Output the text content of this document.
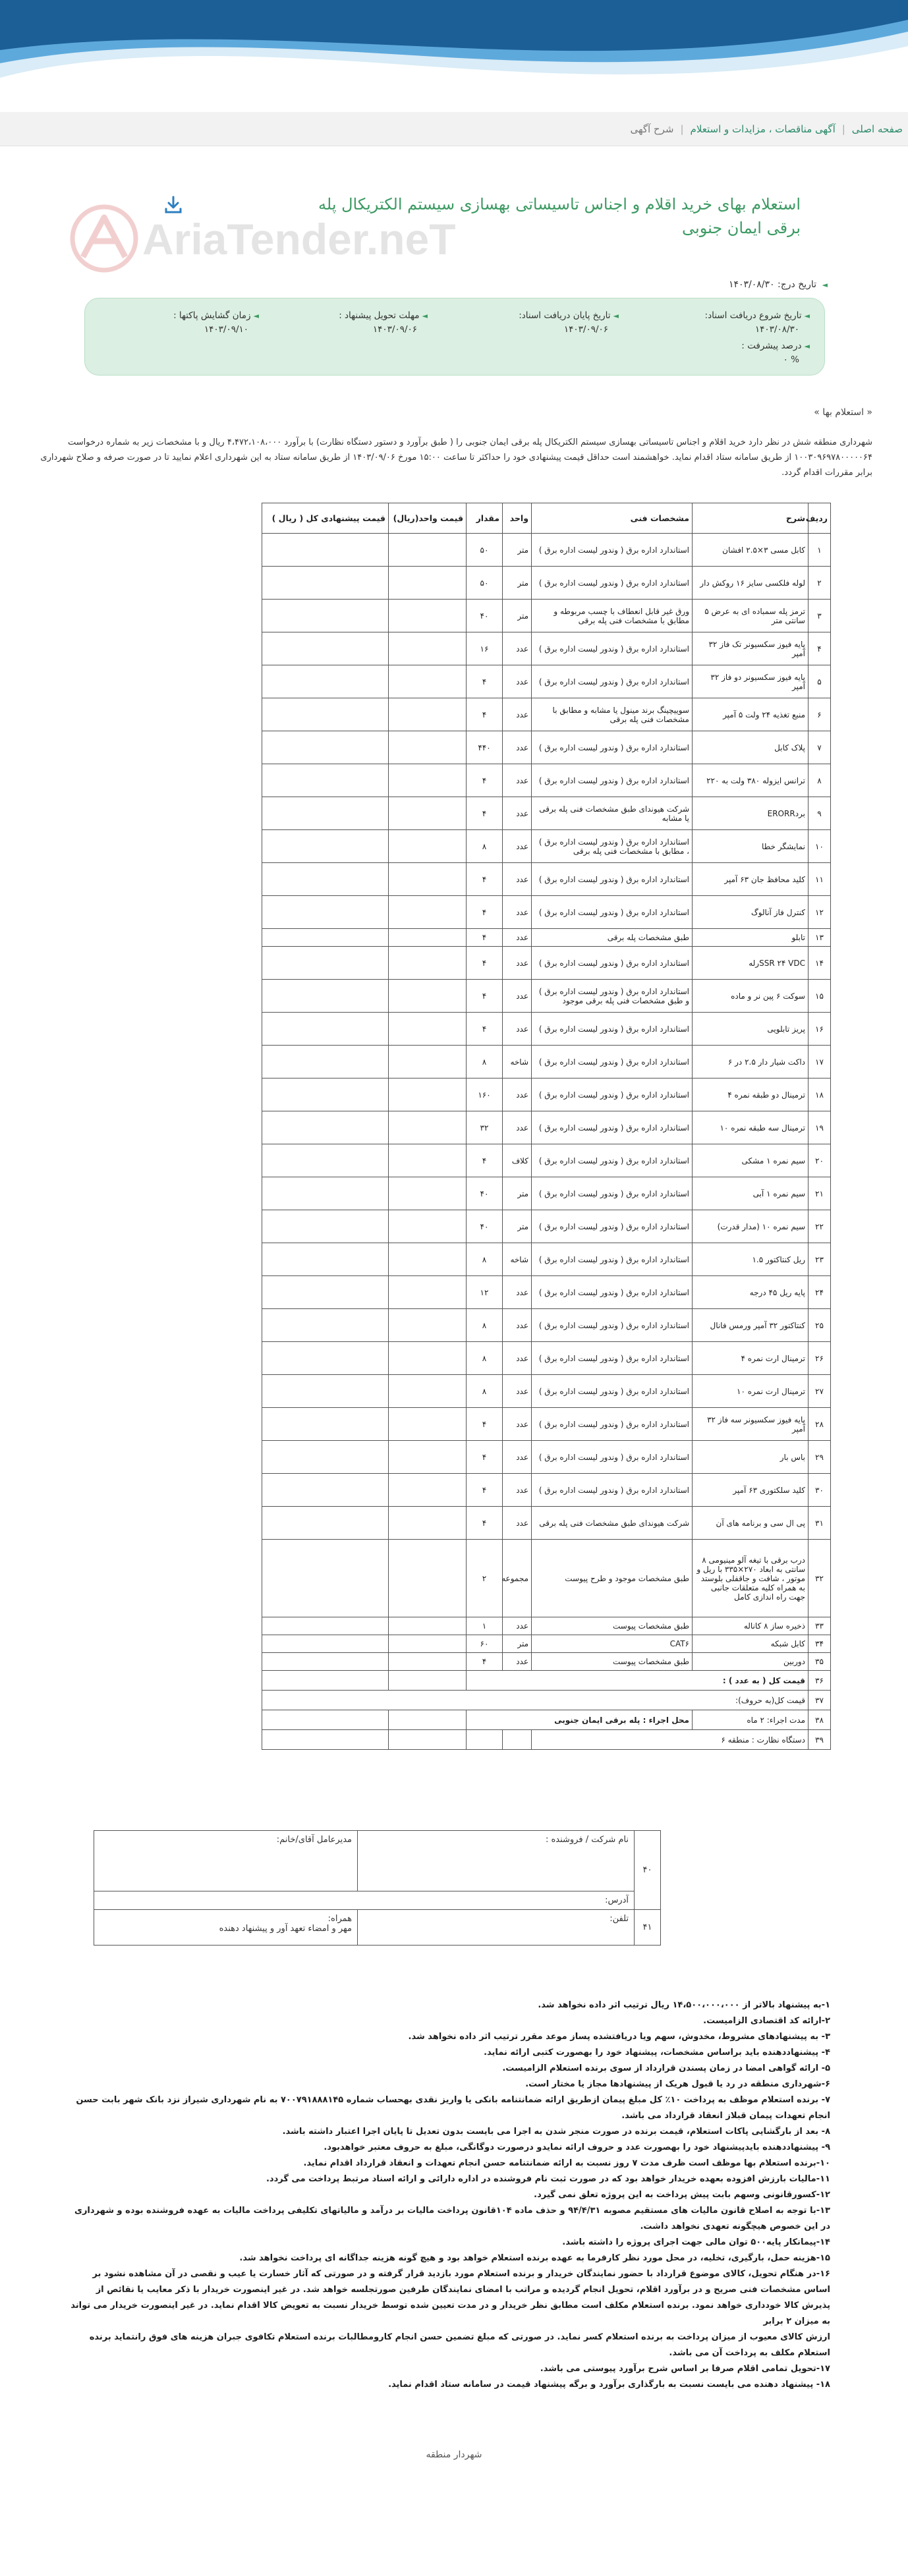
صفحه اصلی
|
آگهی مناقصات ، مزایدات و استعلام
|
شرح آگهی
AriaTender.neT
استعلام بهای خرید اقلام و اجناس تاسیساتی بهسازی سیستم الکتریکال پله برقی ایمان جنوبی
◄ تاریخ درج: ۱۴۰۳/۰۸/۳۰
◄تاریخ شروع دریافت اسناد:
۱۴۰۳/۰۸/۳۰
◄تاریخ پایان دریافت اسناد:
۱۴۰۳/۰۹/۰۶
◄مهلت تحویل پیشنهاد :
۱۴۰۳/۰۹/۰۶
◄زمان گشایش پاکتها :
۱۴۰۳/۰۹/۱۰
◄درصد پیشرفت :
% ۰
« استعلام بها »

شهرداری منطقه شش در نظر دارد خرید اقلام و اجناس تاسیساتی بهسازی سیستم الکتریکال پله برقی ایمان جنوبی را ( طبق برآورد و دستور دستگاه نظارت) با برآورد ۴،۴۷۲،۱۰۸،۰۰۰ ریال و با مشخصات زیر به شماره درخواست ۱۰۰۳۰۹۶۹۷۸۰۰۰۰۰۶۴ از طریق سامانه ستاد اقدام نماید. خواهشمند است حداقل قیمت پیشنهادی خود را حداکثر تا ساعت ۱۵:۰۰ مورخ ۱۴۰۳/۰۹/۰۶ از طریق سامانه ستاد به این شهرداری اعلام نمایید تا در صورت صرفه و صلاح شهرداری برابر مقررات اقدام گردد.

ردیف	شرح	مشخصات فنی	واحد	مقدار	قیمت واحد(ریال)	قیمت پیشنهادی کل ( ریال )
۱	کابل مسی ۳×۲.۵ افشان	استاندارد اداره برق ( وندور لیست اداره برق )	متر	۵۰		
۲	لوله فلکسی سایز ۱۶ روکش دار	استاندارد اداره برق ( وندور لیست اداره برق )	متر	۵۰		
۳	ترمز پله سمباده ای به عرض ۵ سانتی متر	ورق غیر قابل انعطاف با چسب مربوطه و مطابق با مشخصات فنی پله برقی	متر	۴۰		
۴	پایه فیوز سکسیونر تک فاز ۳۲ آمپر	استاندارد اداره برق ( وندور لیست اداره برق )	عدد	۱۶		
۵	پایه فیوز سکسیونر دو فاز ۳۲ آمپر	استاندارد اداره برق ( وندور لیست اداره برق )	عدد	۴		
۶	منبع تغذیه ۲۴ ولت ۵ آمپر	سوییچینگ برند مینول یا مشابه و مطابق با مشخصات فنی پله برقی	عدد	۴		
۷	پلاک کابل	استاندارد اداره برق ( وندور لیست اداره برق )	عدد	۴۴۰		
۸	ترانس ایزوله ۳۸۰ ولت به ۲۲۰	استاندارد اداره برق ( وندور لیست اداره برق )	عدد	۴		
۹	بردERORR	شرکت هیوندای طبق مشخصات فنی پله برقی یا مشابه	عدد	۴		
۱۰	نمایشگر خطا	استاندارد اداره برق ( وندور لیست اداره برق ) ، مطابق با مشخصات فنی پله برقی	عدد	۸		
۱۱	کلید محافظ جان ۶۳ آمپر	استاندارد اداره برق ( وندور لیست اداره برق )	عدد	۴		
۱۲	کنترل فاز آنالوگ	استاندارد اداره برق ( وندور لیست اداره برق )	عدد	۴		
۱۳	تابلو	طبق مشخصات پله برقی	عدد	۴		
۱۴	SSR ۲۴ VDCرله	استاندارد اداره برق ( وندور لیست اداره برق )	عدد	۴		
۱۵	سوکت ۶ پین نر و ماده	استاندارد اداره برق ( وندور لیست اداره برق ) و طبق مشخصات فنی پله برقی موجود	عدد	۴		
۱۶	پریز تابلویی	استاندارد اداره برق ( وندور لیست اداره برق )	عدد	۴		
۱۷	داکت شیار دار ۲.۵ در ۶	استاندارد اداره برق ( وندور لیست اداره برق )	شاخه	۸		
۱۸	ترمینال دو طبقه نمره ۴	استاندارد اداره برق ( وندور لیست اداره برق )	عدد	۱۶۰		
۱۹	ترمینال سه طبقه نمره ۱۰	استاندارد اداره برق ( وندور لیست اداره برق )	عدد	۳۲		
۲۰	سیم نمره ۱ مشکی	استاندارد اداره برق ( وندور لیست اداره برق )	کلاف	۴		
۲۱	سیم نمره ۱ آبی	استاندارد اداره برق ( وندور لیست اداره برق )	متر	۴۰		
۲۲	سیم نمره ۱۰ (مدار قدرت)	استاندارد اداره برق ( وندور لیست اداره برق )	متر	۴۰		
۲۳	ریل کنتاکتور ۱.۵	استاندارد اداره برق ( وندور لیست اداره برق )	شاخه	۸		
۲۴	پایه ریل ۴۵ درجه	استاندارد اداره برق ( وندور لیست اداره برق )	عدد	۱۲		
۲۵	کنتاکتور ۳۲ آمپر ورمس فانال	استاندارد اداره برق ( وندور لیست اداره برق )	عدد	۸		
۲۶	ترمینال ارت نمره ۴	استاندارد اداره برق ( وندور لیست اداره برق )	عدد	۸		
۲۷	ترمینال ارت نمره ۱۰	استاندارد اداره برق ( وندور لیست اداره برق )	عدد	۸		
۲۸	پایه فیوز سکسیونر سه فاز ۳۲ آمپر	استاندارد اداره برق ( وندور لیست اداره برق )	عدد	۴		
۲۹	باس بار	استاندارد اداره برق ( وندور لیست اداره برق )	عدد	۴		
۳۰	کلید سلکتوری ۶۳ آمپر	استاندارد اداره برق ( وندور لیست اداره برق )	عدد	۴		
۳۱	پی ال سی و برنامه های آن	شرکت هیوندای طبق مشخصات فنی پله برقی	عدد	۴		
۳۲	درب برقی با تیغه آلو مینیومی ۸ سانتی به ابعاد ۲۷۰×۳۳۵ با ریل و موتور ، شافت و جاقفلی بلوستد به همراه کلیه متعلقات جانبی جهت راه اندازی کامل	طبق مشخصات موجود و طرح پیوست	مجموعه	۲		
۳۳	ذخیره ساز ۸ کاناله	طبق مشخصات پیوست	عدد	۱		
۳۴	کابل شبکه	CAT۶	متر	۶۰		
۳۵	دوربین	طبق مشخصات پیوست	عدد	۴		
۳۶	قیمت کل ( به عدد ) :					
۳۷	قیمت کل(به حروف):					
۳۸	مدت اجراء: ۲ ماه	محل اجراء : پله برقی ایمان جنوبی				
۳۹	دستگاه نظارت : منطقه ۶					
۴۰	نام شرکت / فروشنده :	مدیرعامل آقای/خانم:
	آدرس:	
۴۱	تلفن:	همراه:
مهر و امضاء تعهد آور و پیشنهاد دهنده

۱-به پیشنهاد بالاتر از ۱۴،۵۰۰،۰۰۰،۰۰۰ ریال ترتیب اثر داده نخواهد شد.

۲-ارائه کد اقتصادی الزامیست.

۳- به پیشنهادهای مشروط، مخدوش، سهم ویا دریافتشده پساز موعد مقرر ترتیب اثر داده نخواهد شد.

۴- پیشنهاددهنده باید براساس مشخصات، پیشنهاد خود را بهصورت کتبی ارائه نماید.

۵- ارائه گواهی امضا در زمان پسندن قرارداد از سوی برنده استعلام الزامیست.

۶-شهرداری منطقه در رد یا قبول هریک از پیشنهادها مجاز یا مختار است.

۷- برنده استعلام موظف به پرداخت ۱۰٪ کل مبلغ پیمان ازطریق ارائه ضمانتنامه بانکی یا واریز نقدی بهحساب شماره ۷۰۰۷۹۱۸۸۸۱۴۵ به نام شهرداری شیراز نزد بانک شهر بابت حسن انجام تعهدات پیمان قبلاز انعقاد قرارداد می باشد.

۸- بعد از بارگشایی پاکات استعلام، قیمت برنده در صورت منجر شدن به اجرا می بایست بدون تعدیل تا پایان اجرا اعتبار داشته باشد.

۹- پیشنهاددهنده بایدپیشنهاد خود را بهصورت عدد و حروف ارائه نمایدو درصورت دوگانگی، مبلغ به حروف معتبر خواهدبود.

۱۰-برنده استعلام بها موظف است ظرف مدت ۷ روز نسبت به ارائه ضمانتنامه حسن انجام تعهدات و انعقاد قرارداد اقدام نماید.

۱۱-مالیات بارزش افزوده بعهده خریدار خواهد بود که در صورت ثبت نام فروشنده در اداره دارائی و ارائه اسناد مرتبط پرداخت می گردد.

۱۲-کسورقانونی وسهم بابت پیش پرداخت به این پروژه تعلق نمی گیرد.

۱۳-با توجه به اصلاح قانون مالیات های مستقیم مصوبه ۹۴/۴/۳۱ و حذف ماده ۱۰۴قانون پرداخت مالیات بر درآمد و مالیاتهای تکلیفی پرداخت مالیات به عهده فروشنده بوده و شهرداری در این خصوص هیچگونه تعهدی نخواهد داشت.

۱۴-پیمانکار پایه۵۰۰ توان مالی جهت اجرای پروژه را داشته باشد.

۱۵-هزینه حمل، بارگیری، تخلیه، در محل مورد نظر کارفرما به عهده برنده استعلام خواهد بود و هیچ گونه هزینه جداگانه ای پرداخت نخواهد شد.

۱۶-در هنگام تحویل، کالای موضوع قرارداد با حضور نمایندگان خریدار و برنده استعلام مورد بازدید قرار گرفته و در صورتی که آثار خسارت یا عیب و نقصی در آن مشاهده نشود بر اساس مشخصات فنی صریح و در برآورد اقلام، تحویل انجام گردیده و مراتب با امضای نمایندگان طرفین صورتجلسه خواهد شد. در غیر اینصورت خریدار با ذکر معایب یا نقائص از پذیرش کالا خودداری خواهد نمود. برنده استعلام مکلف است مطابق نظر خریدار و در مدت تعیین شده توسط خریدار نسبت به تعویض کالا اقدام نماید. در غیر اینصورت خریدار می تواند به میزان ۲ برابر

ارزش کالای معیوب از میزان پرداخت به برنده استعلام کسر نماید. در صورتی که مبلغ تضمین حسن انجام کارومطالبات برنده استعلام تکافوی جبران هزینه های فوق رانتماید برنده استعلام مکلف به پرداخت آن می باشد.

۱۷-تحویل تمامی اقلام صرفا بر اساس شرح برآورد پیوستی می باشد.

۱۸- پیشنهاد دهنده می بایست نسبت به بارگذاری برآورد و برگه پیشنهاد قیمت در سامانه ستاد اقدام نماید.

شهردار منطقه
